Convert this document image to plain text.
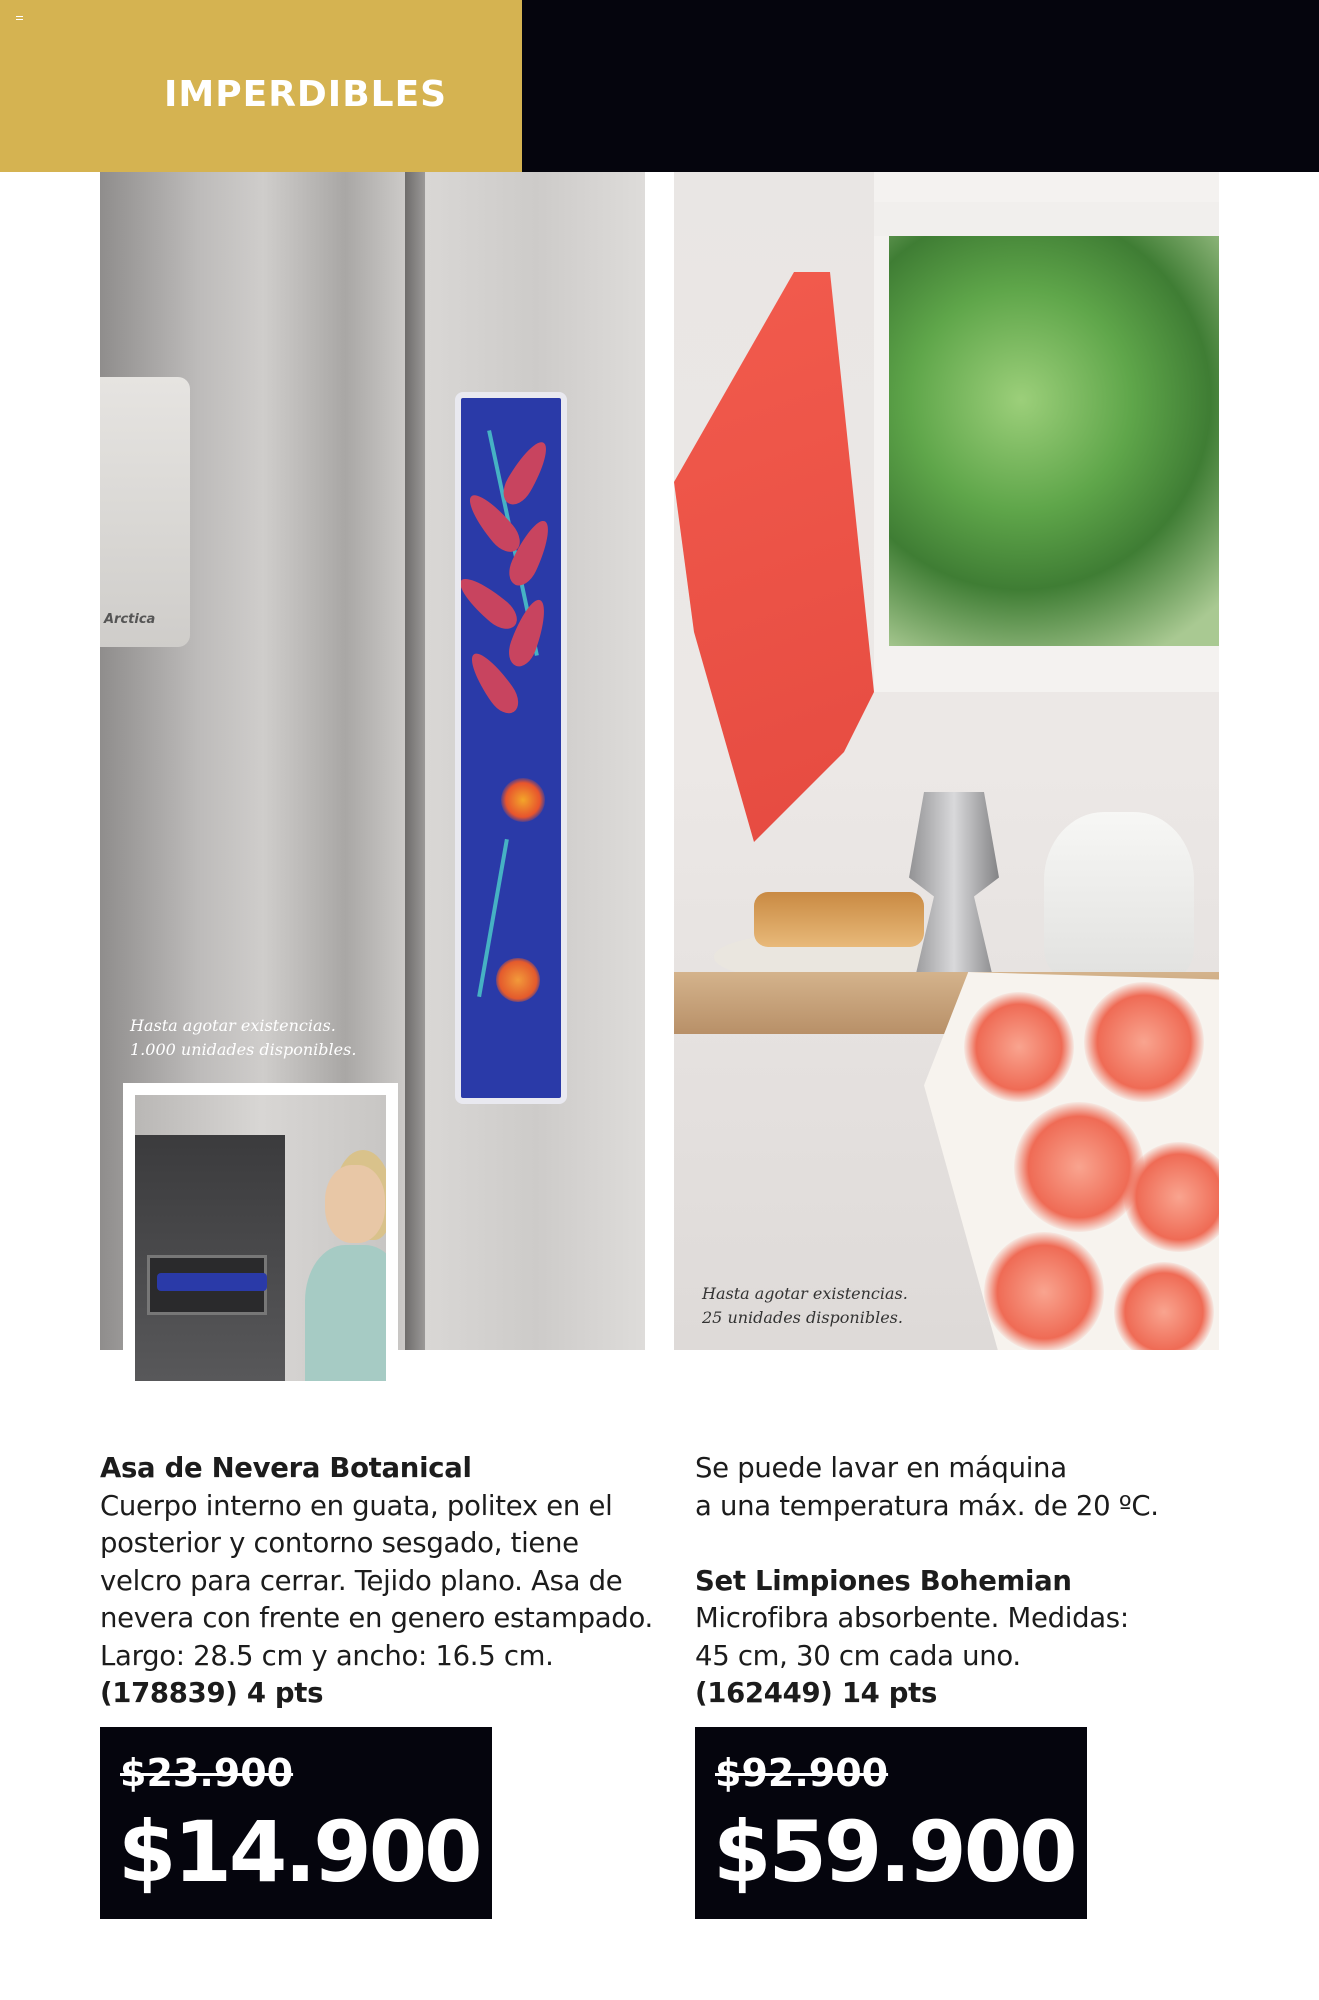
IMPERDIBLES
Arctica
Hasta agotar existencias.
1.000 unidades disponibles.
Hasta agotar existencias.
25 unidades disponibles.
Asa de Nevera Botanical
Cuerpo interno en guata, politex en el
posterior y contorno sesgado, tiene
velcro para cerrar. Tejido plano. Asa de
nevera con frente en genero estampado.
Largo: 28.5 cm y ancho: 16.5 cm.
(178839) 4 pts
Se puede lavar en máquina
a una temperatura máx. de 20 ºC.
Set Limpiones Bohemian
Microfibra absorbente. Medidas:
45 cm, 30 cm cada uno.
(162449) 14 pts
$23.900
$14.900
$92.900
$59.900
